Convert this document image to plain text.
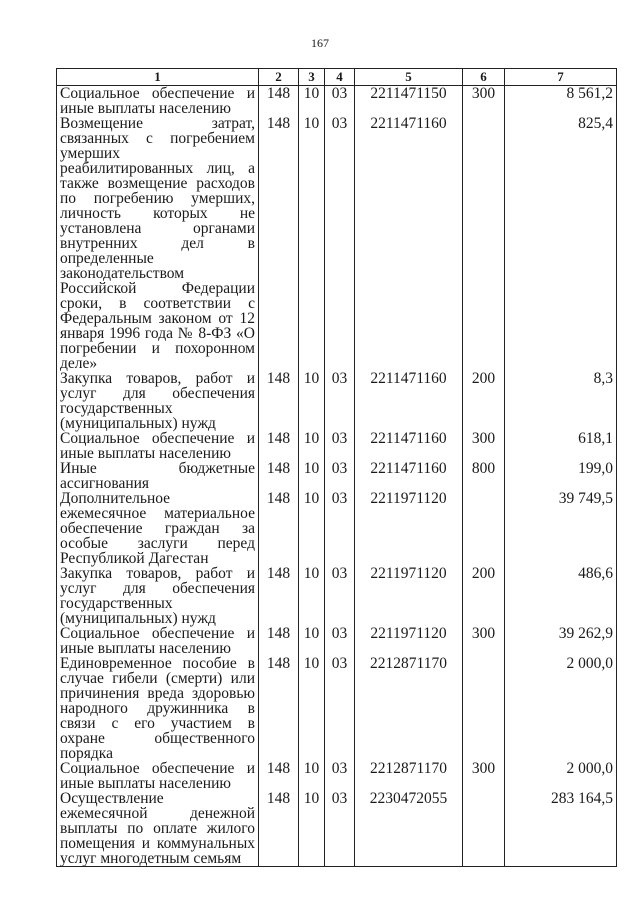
167
1	2	3	4	5	6	7
Социальное обеспечение и иные выплаты населению	148	10	03	2211471150	300	8 561,2
Возмещение затрат, связанных с погребением умерших реабилитированных лиц, а также возмещение расходов по погребению умерших, личность которых не установлена органами внутренних дел в определенные законодательством Российской Федерации сроки, в соответствии с Федеральным законом от 12 января 1996 года № 8-ФЗ «О погребении и похоронном деле»	148	10	03	2211471160		825,4
Закупка товаров, работ и услуг для обеспечения государственных (муниципальных) нужд	148	10	03	2211471160	200	8,3
Социальное обеспечение и иные выплаты населению	148	10	03	2211471160	300	618,1
Иные бюджетные ассигнования	148	10	03	2211471160	800	199,0
Дополнительное ежемесячное материальное обеспечение граждан за особые заслуги перед Республикой Дагестан	148	10	03	2211971120		39 749,5
Закупка товаров, работ и услуг для обеспечения государственных (муниципальных) нужд	148	10	03	2211971120	200	486,6
Социальное обеспечение и иные выплаты населению	148	10	03	2211971120	300	39 262,9
Единовременное пособие в случае гибели (смерти) или причинения вреда здоровью народного дружинника в связи с его участием в охране общественного порядка	148	10	03	2212871170		2 000,0
Социальное обеспечение и иные выплаты населению	148	10	03	2212871170	300	2 000,0
Осуществление ежемесячной денежной выплаты по оплате жилого помещения и коммунальных услуг многодетным семьям	148	10	03	2230472055		283 164,5
